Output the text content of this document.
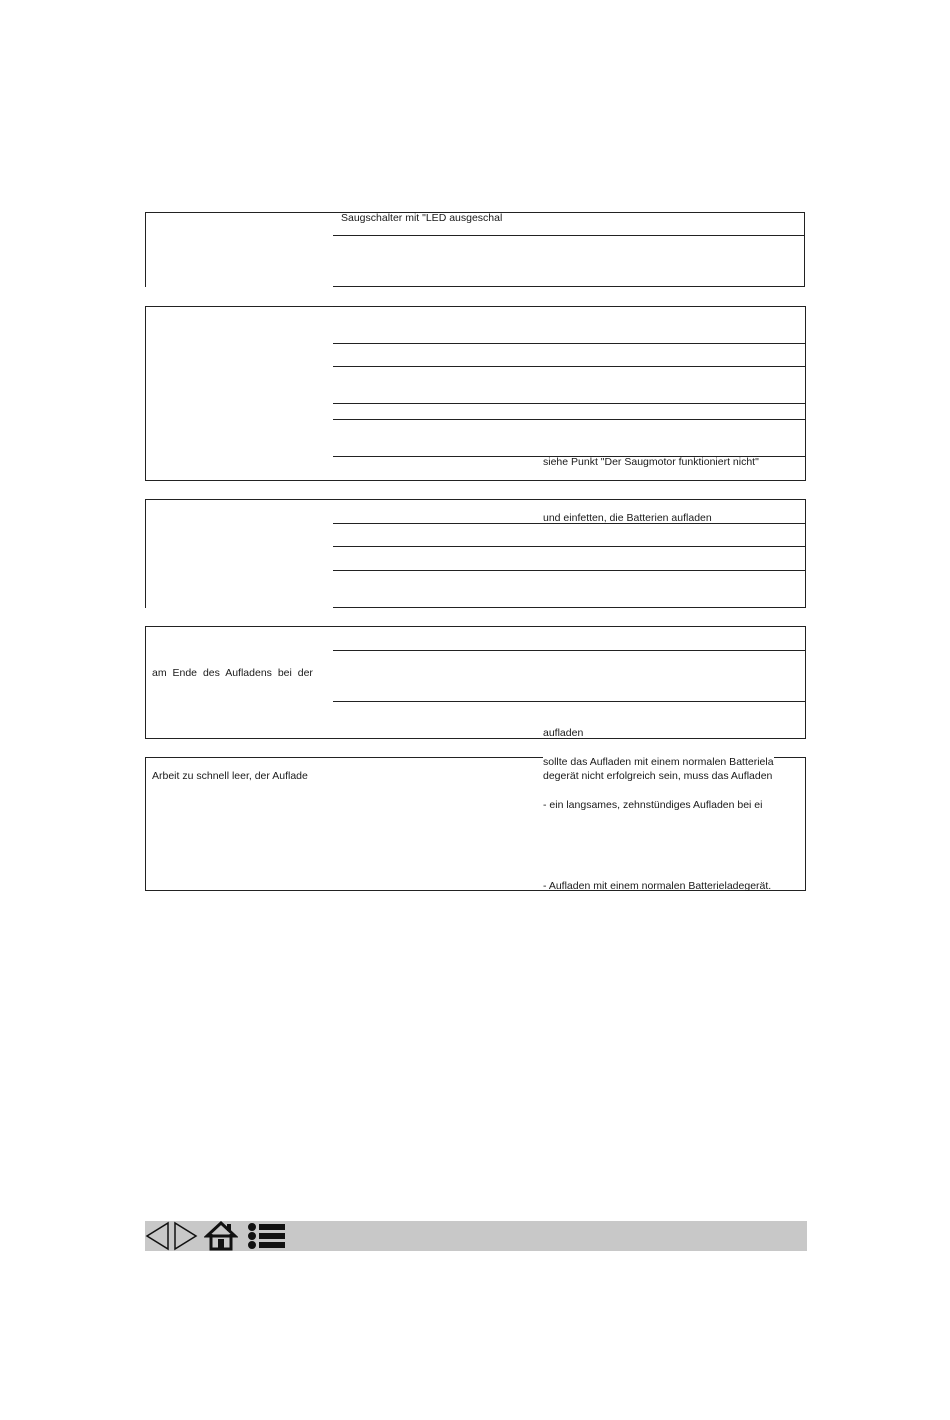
Saugschalter mit "LED ausgeschal
siehe Punkt "Der Saugmotor funktioniert nicht"
und einfetten, die Batterien aufladen
am Ende des Aufladens bei der
aufladen
Arbeit zu schnell leer, der Auflade
sollte das Aufladen mit einem normalen Batteriela
degerät nicht erfolgreich sein, muss das Aufladen
- ein langsames, zehnstündiges Aufladen bei ei
- Aufladen mit einem normalen Batterieladegerät.
